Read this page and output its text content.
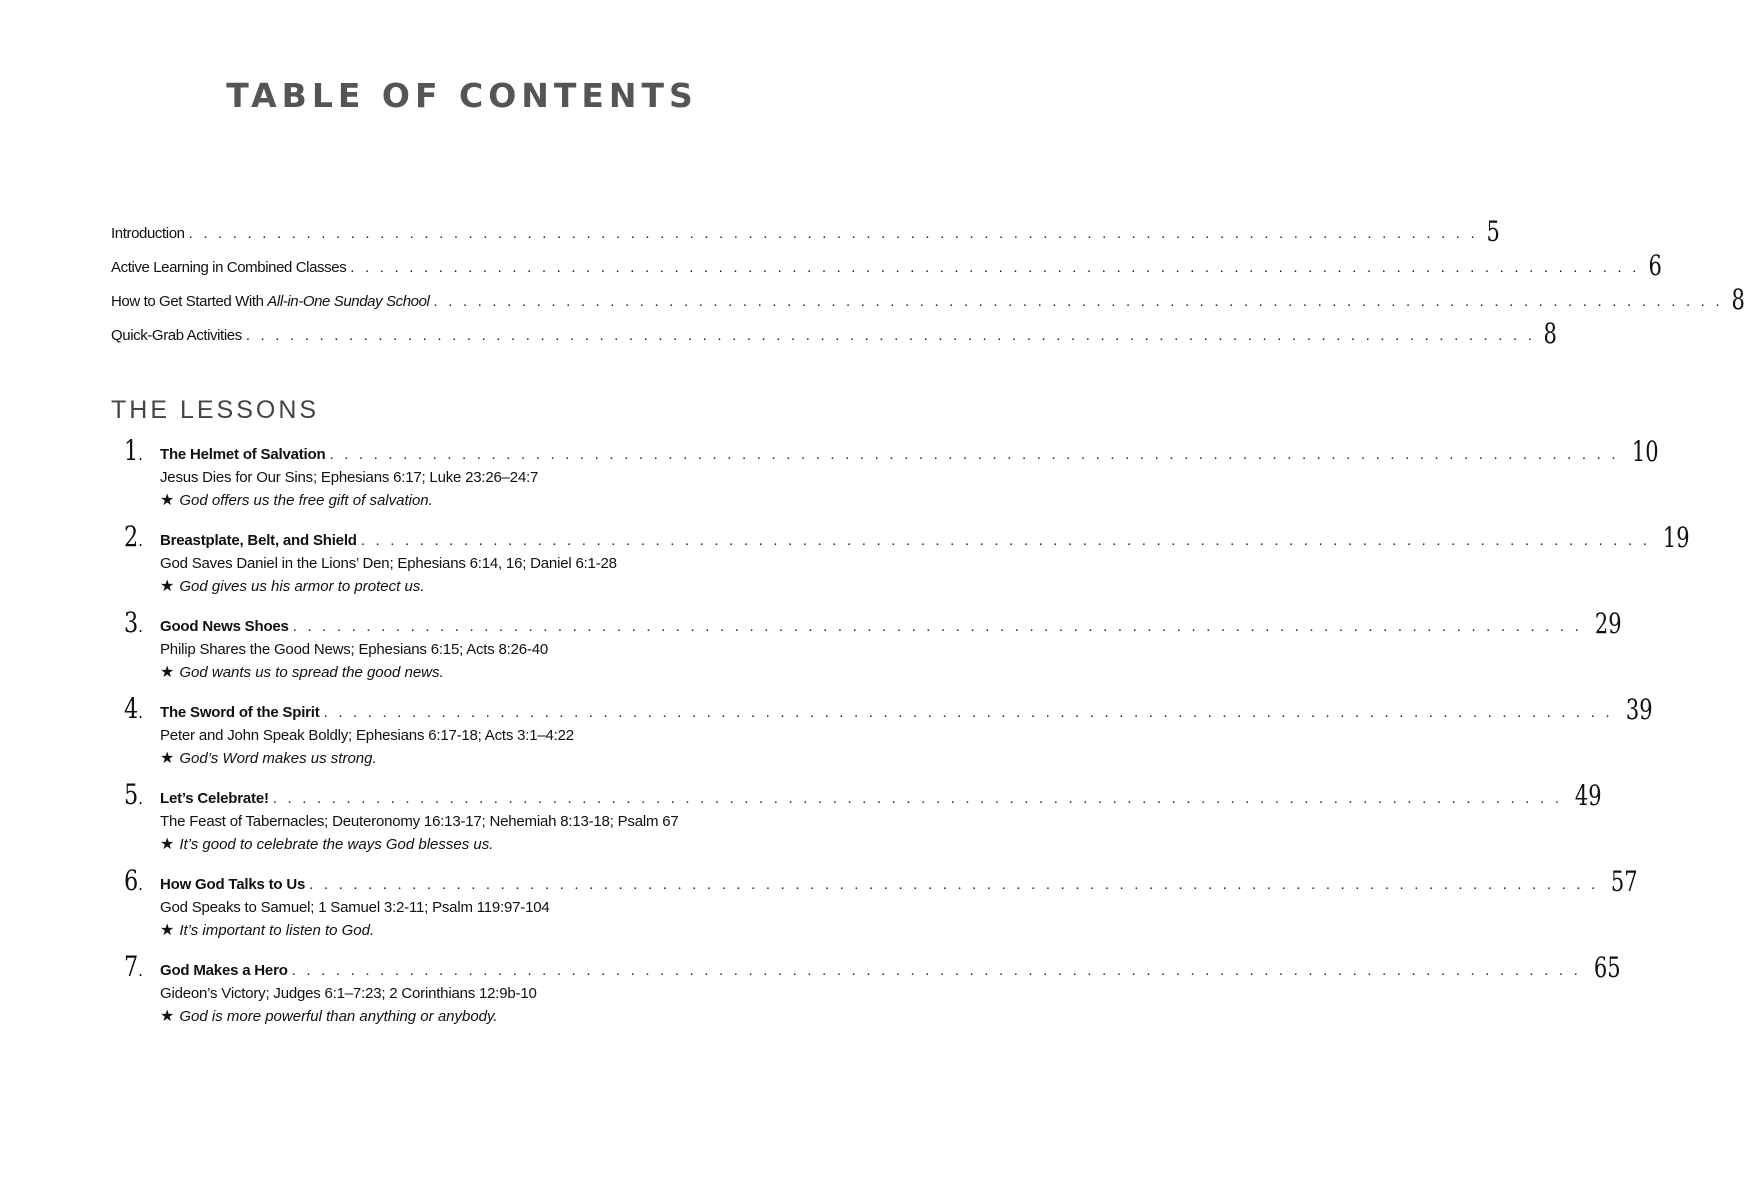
TABLE OF CONTENTS
Introduction . . . . . . . . . . . . . . . . . . . . . . . . . . . . . . . . . . . . . . . . . . . . . . . . . . . . . . . . . . . . . . . . . . . . . . . . . . . . . . . . . . . . . . . . 5
Active Learning in Combined Classes . . . . . . . . . . . . . . . . . . . . . . . . . . . . . . . . . . . . . . . . . . . . . . . . . . . . . . . . . . . . . . . . . . . . . . . . . . . . . . . . . . . . . . . . 6
How to Get Started With All-in-One Sunday School . . . . . . . . . . . . . . . . . . . . . . . . . . . . . . . . . . . . . . . . . . . . . . . . . . . . . . . . . . . . . . . . . . . . . . . . . . . . . . . . . . . . . . . . 8
Quick-Grab Activities . . . . . . . . . . . . . . . . . . . . . . . . . . . . . . . . . . . . . . . . . . . . . . . . . . . . . . . . . . . . . . . . . . . . . . . . . . . . . . . . . . . . . . . . 8
THE LESSONS
1. The Helmet of Salvation . . . . . . . . . . . . . . . . . . . . . . . . . . . . . . . . . . . . . . . . . . . . . . . . . . . . . . . . . . . . . . . . . . . . . . . . . . . . . . . . . . . . . . . . 10
Jesus Dies for Our Sins; Ephesians 6:17; Luke 23:26–24:7
★ God offers us the free gift of salvation.
2. Breastplate, Belt, and Shield . . . . . . . . . . . . . . . . . . . . . . . . . . . . . . . . . . . . . . . . . . . . . . . . . . . . . . . . . . . . . . . . . . . . . . . . . . . . . . . . . . . . . . . . 19
God Saves Daniel in the Lions’ Den; Ephesians 6:14, 16; Daniel 6:1-28
★ God gives us his armor to protect us.
3. Good News Shoes . . . . . . . . . . . . . . . . . . . . . . . . . . . . . . . . . . . . . . . . . . . . . . . . . . . . . . . . . . . . . . . . . . . . . . . . . . . . . . . . . . . . . . . . 29
Philip Shares the Good News; Ephesians 6:15; Acts 8:26-40
★ God wants us to spread the good news.
4. The Sword of the Spirit . . . . . . . . . . . . . . . . . . . . . . . . . . . . . . . . . . . . . . . . . . . . . . . . . . . . . . . . . . . . . . . . . . . . . . . . . . . . . . . . . . . . . . . . 39
Peter and John Speak Boldly; Ephesians 6:17-18; Acts 3:1–4:22
★ God’s Word makes us strong.
5. Let’s Celebrate! . . . . . . . . . . . . . . . . . . . . . . . . . . . . . . . . . . . . . . . . . . . . . . . . . . . . . . . . . . . . . . . . . . . . . . . . . . . . . . . . . . . . . . . . 49
The Feast of Tabernacles; Deuteronomy 16:13-17; Nehemiah 8:13-18; Psalm 67
★ It’s good to celebrate the ways God blesses us.
6. How God Talks to Us . . . . . . . . . . . . . . . . . . . . . . . . . . . . . . . . . . . . . . . . . . . . . . . . . . . . . . . . . . . . . . . . . . . . . . . . . . . . . . . . . . . . . . . . 57
God Speaks to Samuel; 1 Samuel 3:2-11; Psalm 119:97-104
★ It’s important to listen to God.
7. God Makes a Hero . . . . . . . . . . . . . . . . . . . . . . . . . . . . . . . . . . . . . . . . . . . . . . . . . . . . . . . . . . . . . . . . . . . . . . . . . . . . . . . . . . . . . . . . 65
Gideon’s Victory; Judges 6:1–7:23; 2 Corinthians 12:9b-10
★ God is more powerful than anything or anybody.
